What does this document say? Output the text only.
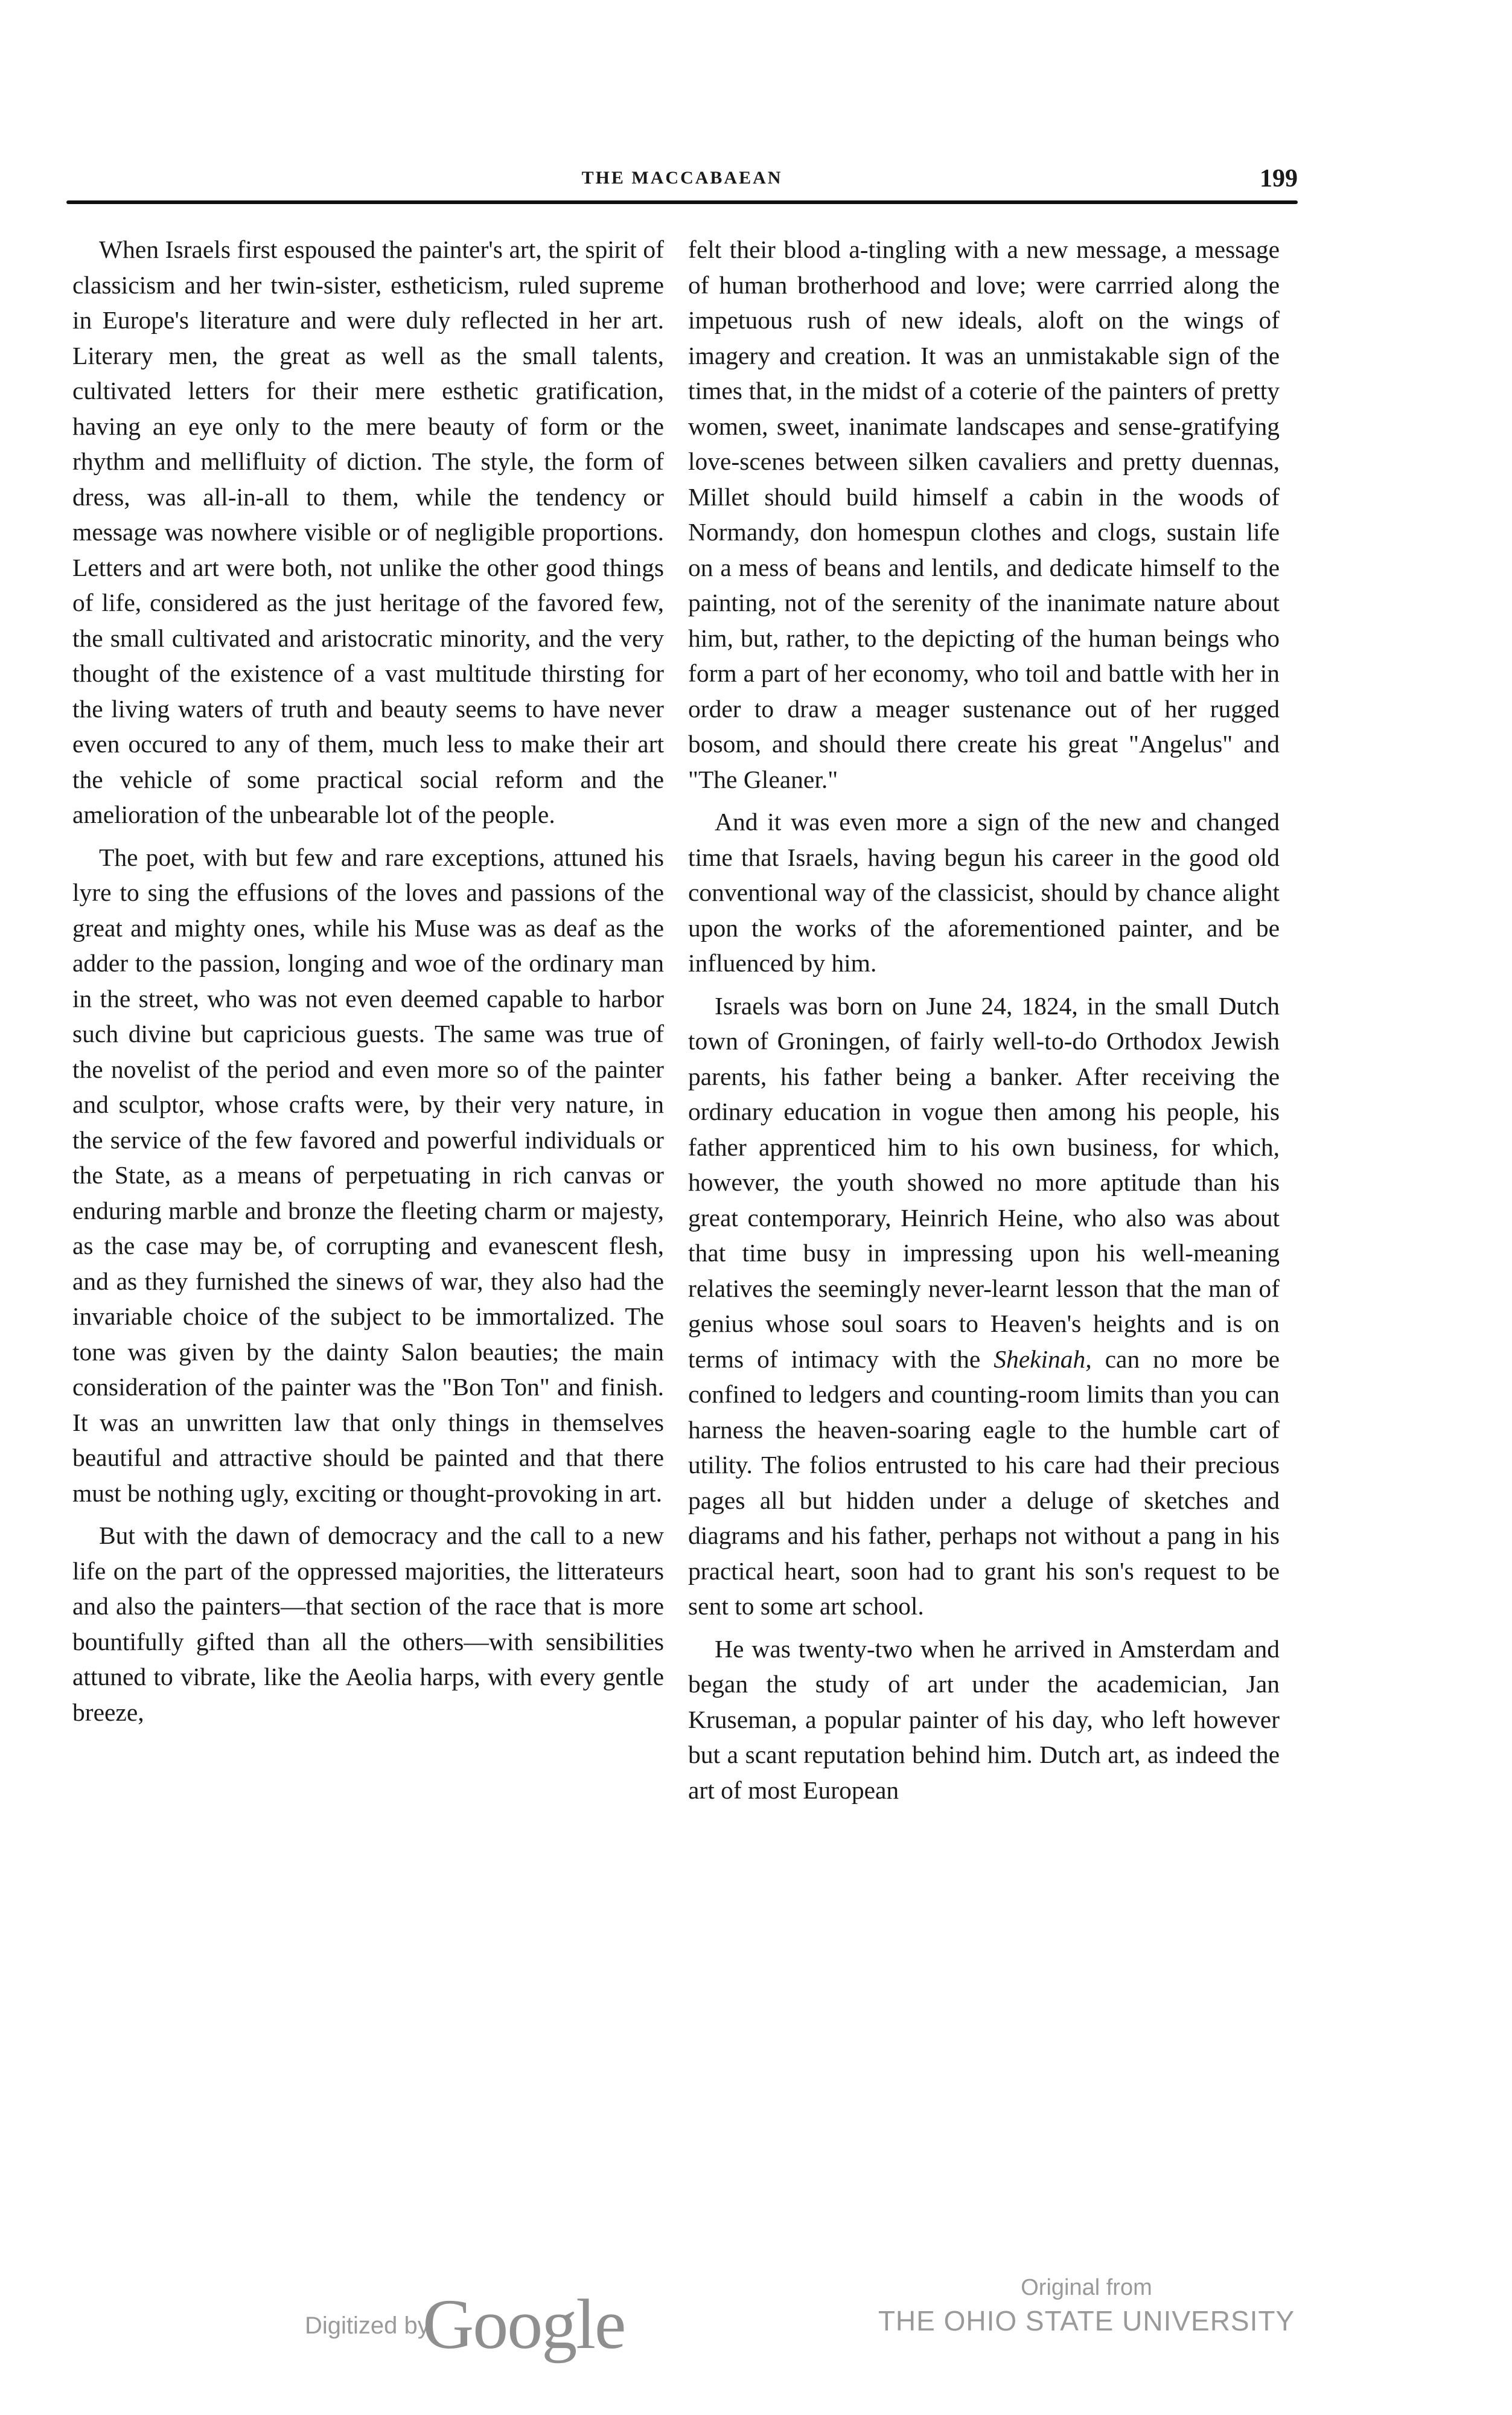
THE MACCABAEAN	199

When Israels first espoused the painter's art, the spirit of classicism and her twin-sister, estheticism, ruled supreme in Europe's literature and were duly reflected in her art. Literary men, the great as well as the small talents, cultivated letters for their mere esthetic gratification, having an eye only to the mere beauty of form or the rhythm and mellifluity of diction. The style, the form of dress, was all-in-all to them, while the tendency or message was nowhere visible or of negligible proportions. Letters and art were both, not unlike the other good things of life, considered as the just heritage of the favored few, the small cultivated and aristocratic minority, and the very thought of the existence of a vast multitude thirsting for the living waters of truth and beauty seems to have never even occured to any of them, much less to make their art the vehicle of some practical social reform and the amelioration of the unbearable lot of the people.

The poet, with but few and rare exceptions, attuned his lyre to sing the effusions of the loves and passions of the great and mighty ones, while his Muse was as deaf as the adder to the passion, longing and woe of the ordinary man in the street, who was not even deemed capable to harbor such divine but capricious guests. The same was true of the novelist of the period and even more so of the painter and sculptor, whose crafts were, by their very nature, in the service of the few favored and powerful individuals or the State, as a means of perpetuating in rich canvas or enduring marble and bronze the fleeting charm or majesty, as the case may be, of corrupting and evanescent flesh, and as they furnished the sinews of war, they also had the invariable choice of the subject to be immortalized. The tone was given by the dainty Salon beauties; the main consideration of the painter was the "Bon Ton" and finish. It was an unwritten law that only things in themselves beautiful and attractive should be painted and that there must be nothing ugly, exciting or thought-provoking in art.

But with the dawn of democracy and the call to a new life on the part of the oppressed majorities, the litterateurs and also the painters—that section of the race that is more bountifully gifted than all the others—with sensibilities attuned to vibrate, like the Aeolia harps, with every gentle breeze,

felt their blood a-tingling with a new message, a message of human brotherhood and love; were carrried along the impetuous rush of new ideals, aloft on the wings of imagery and creation. It was an unmistakable sign of the times that, in the midst of a coterie of the painters of pretty women, sweet, inanimate landscapes and sense-gratifying love-scenes between silken cavaliers and pretty duennas, Millet should build himself a cabin in the woods of Normandy, don homespun clothes and clogs, sustain life on a mess of beans and lentils, and dedicate himself to the painting, not of the serenity of the inanimate nature about him, but, rather, to the depicting of the human beings who form a part of her economy, who toil and battle with her in order to draw a meager sustenance out of her rugged bosom, and should there create his great "Angelus" and "The Gleaner."

And it was even more a sign of the new and changed time that Israels, having begun his career in the good old conventional way of the classicist, should by chance alight upon the works of the aforementioned painter, and be influenced by him.

Israels was born on June 24, 1824, in the small Dutch town of Groningen, of fairly well-to-do Orthodox Jewish parents, his father being a banker. After receiving the ordinary education in vogue then among his people, his father apprenticed him to his own business, for which, however, the youth showed no more aptitude than his great contemporary, Heinrich Heine, who also was about that time busy in impressing upon his well-meaning relatives the seemingly never-learnt lesson that the man of genius whose soul soars to Heaven's heights and is on terms of intimacy with the Shekinah, can no more be confined to ledgers and counting-room limits than you can harness the heaven-soaring eagle to the humble cart of utility. The folios entrusted to his care had their precious pages all but hidden under a deluge of sketches and diagrams and his father, perhaps not without a pang in his practical heart, soon had to grant his son's request to be sent to some art school.

He was twenty-two when he arrived in Amsterdam and began the study of art under the academician, Jan Kruseman, a popular painter of his day, who left however but a scant reputation behind him. Dutch art, as indeed the art of most European

Digitized by
Google	Original from
THE OHIO STATE UNIVERSITY
